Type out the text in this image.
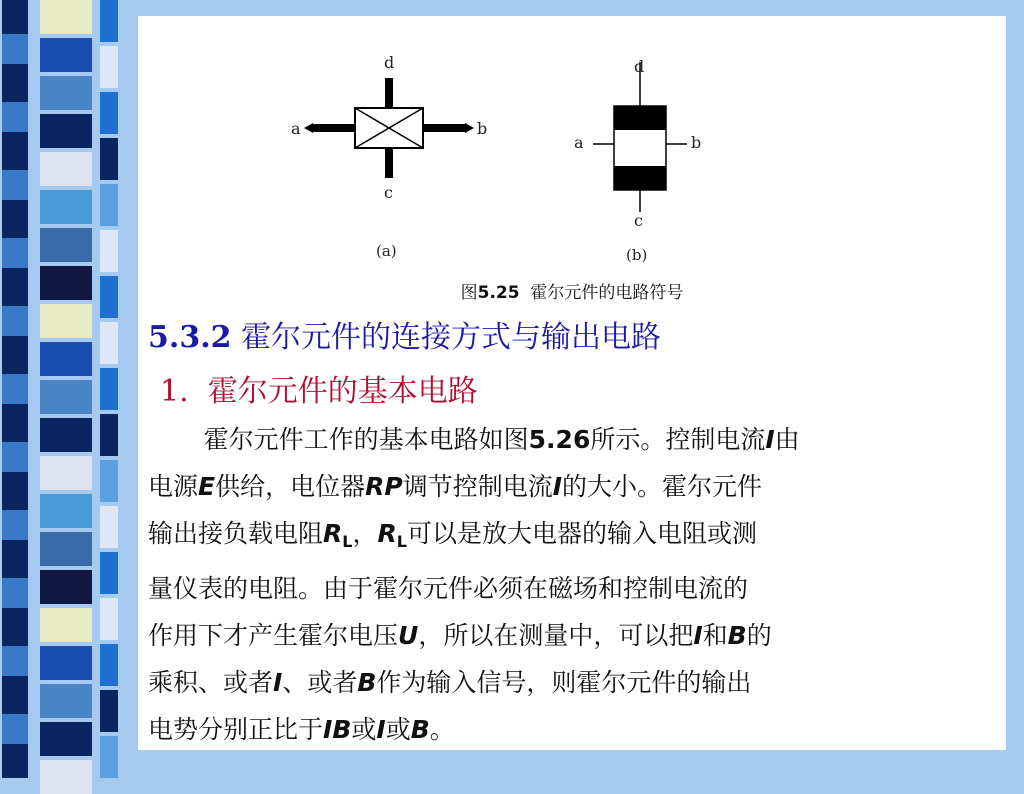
d
a	b
c
(a)
d
a	b
c
(b)
图5.25 霍尔元件的电路符号
5.3.2 霍尔元件的连接方式与输出电路
1. 霍尔元件的基本电路
霍尔元件工作的基本电路如图5.26所示。控制电流I由
电源E供给，电位器RP调节控制电流I的大小。霍尔元件
输出接负载电阻$R_L$，$R_L$可以是放大电器的输入电阻或测
量仪表的电阻。由于霍尔元件必须在磁场和控制电流的
作用下才产生霍尔电压U，所以在测量中，可以把I和B的
乘积、或者I、或者B作为输入信号，则霍尔元件的输出
电势分别正比于IB或I或B。
